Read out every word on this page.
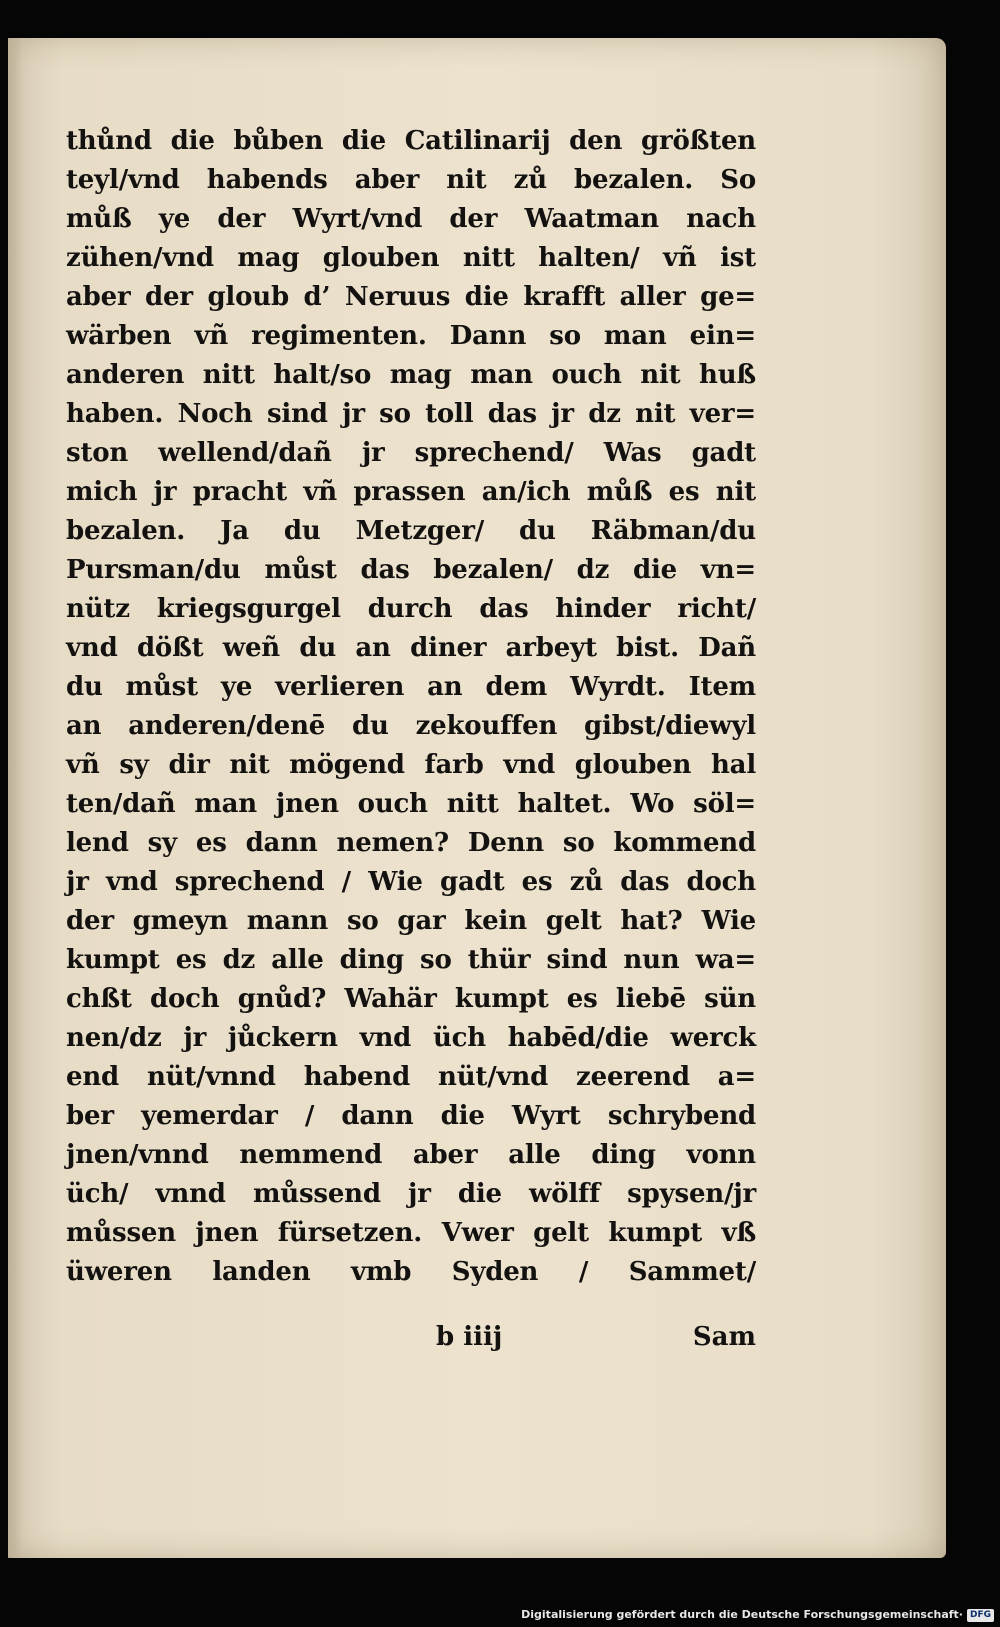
thůnd die bůben die Catilinarij den größten
teyl/vnd habends aber nit zů bezalen. So
můß ye der Wyrt/vnd der Waatman nach
zühen/vnd mag glouben nitt halten/ vñ ist
aber der gloub d’ Neruus die krafft aller ge=
wärben vñ regimenten. Dann so man ein=
anderen nitt halt/so mag man ouch nit huß
haben. Noch sind jr so toll das jr dz nit ver=
ston wellend/dañ jr sprechend/ Was gadt
mich jr pracht vñ prassen an/ich můß es nit
bezalen. Ja du Metzger/ du Räbman/du
Pursman/du můst das bezalen/ dz die vn=
nütz kriegsgurgel durch das hinder richt/
vnd dößt weñ du an diner arbeyt bist. Dañ
du můst ye verlieren an dem Wyrdt. Item
an anderen/denē du zekouffen gibst/diewyl
vñ sy dir nit mögend farb vnd glouben hal
ten/dañ man jnen ouch nitt haltet. Wo söl=
lend sy es dann nemen? Denn so kommend
jr vnd sprechend / Wie gadt es zů das doch
der gmeyn mann so gar kein gelt hat? Wie
kumpt es dz alle ding so thür sind nun wa=
chßt doch gnůd? Wahär kumpt es liebē sün
nen/dz jr jůckern vnd üch habēd/die werck
end nüt/vnnd habend nüt/vnd zeerend a=
ber yemerdar / dann die Wyrt schrybend
jnen/vnnd nemmend aber alle ding vonn
üch/ vnnd můssend jr die wölff spysen/jr
můssen jnen fürsetzen. Vwer gelt kumpt vß
üweren landen vmb Syden / Sammet/
b iiij	Sam
Digitalisierung gefördert durch die Deutsche Forschungsgemeinschaft· DFG
